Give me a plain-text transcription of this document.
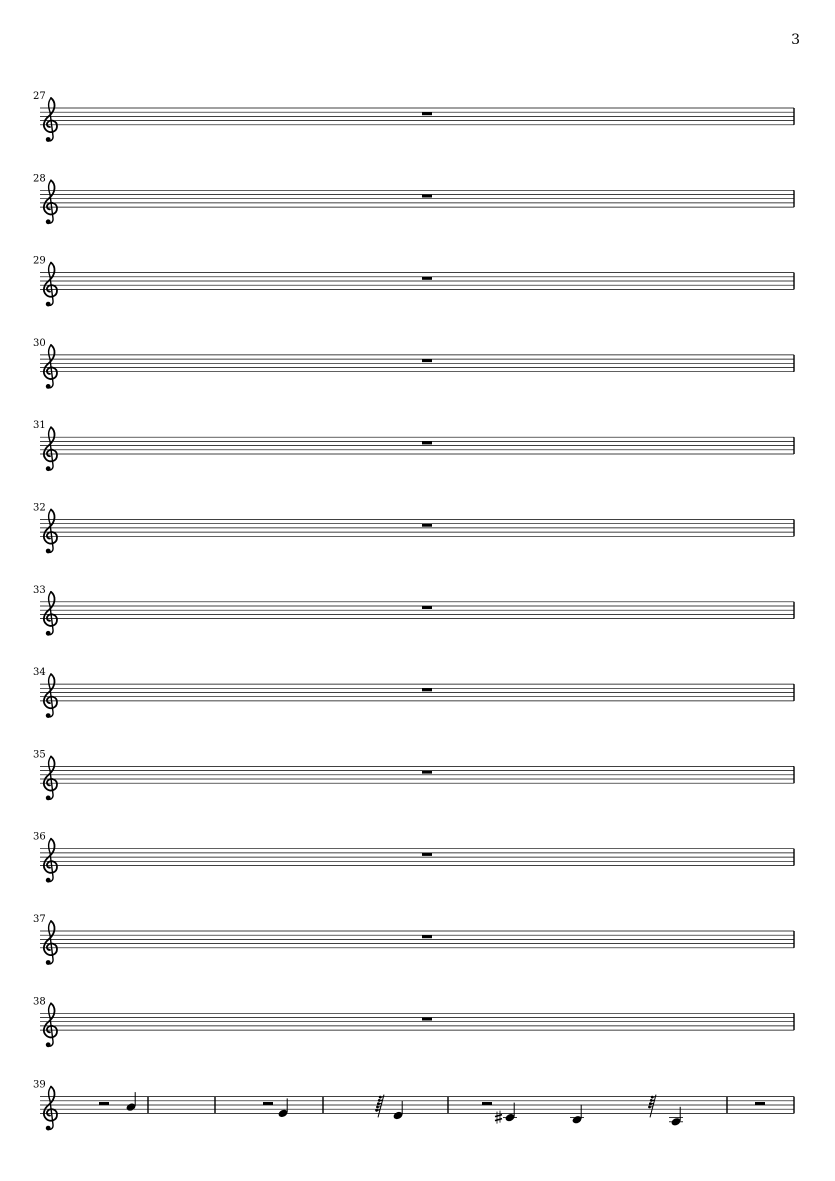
3
27
28
29
30
31
32
33
34
35
36
37
38
39
